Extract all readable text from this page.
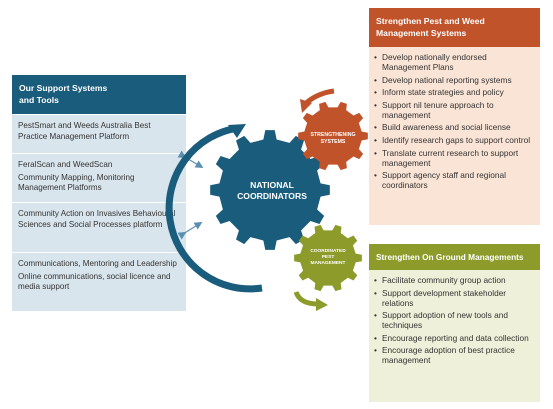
Our Support Systems
and Tools

PestSmart and Weeds Australia Best Practice Management Platform

FeralScan and WeedScan

Community Mapping, Monitoring Management Platforms

Community Action on Invasives Behavioural Sciences and Social Processes platform

Communications, Mentoring and Leadership

Online communications, social licence and media support

NATIONAL
COORDINATORS
STRENGTHENING
SYSTEMS
COORDINATED
PEST
MANAGEMENT
Strengthen Pest and Weed
Management Systems
• Develop nationally endorsed Management Plans
• Develop national reporting systems
• Inform state strategies and policy
• Support nil tenure approach to management
• Build awareness and social license
• Identify research gaps to support control
• Translate current research to support management
• Support agency staff and regional coordinators
Strengthen On Ground Managements
• Facilitate community group action
• Support development stakeholder relations
• Support adoption of new tools and techniques
• Encourage reporting and data collection
• Encourage adoption of best practice management
